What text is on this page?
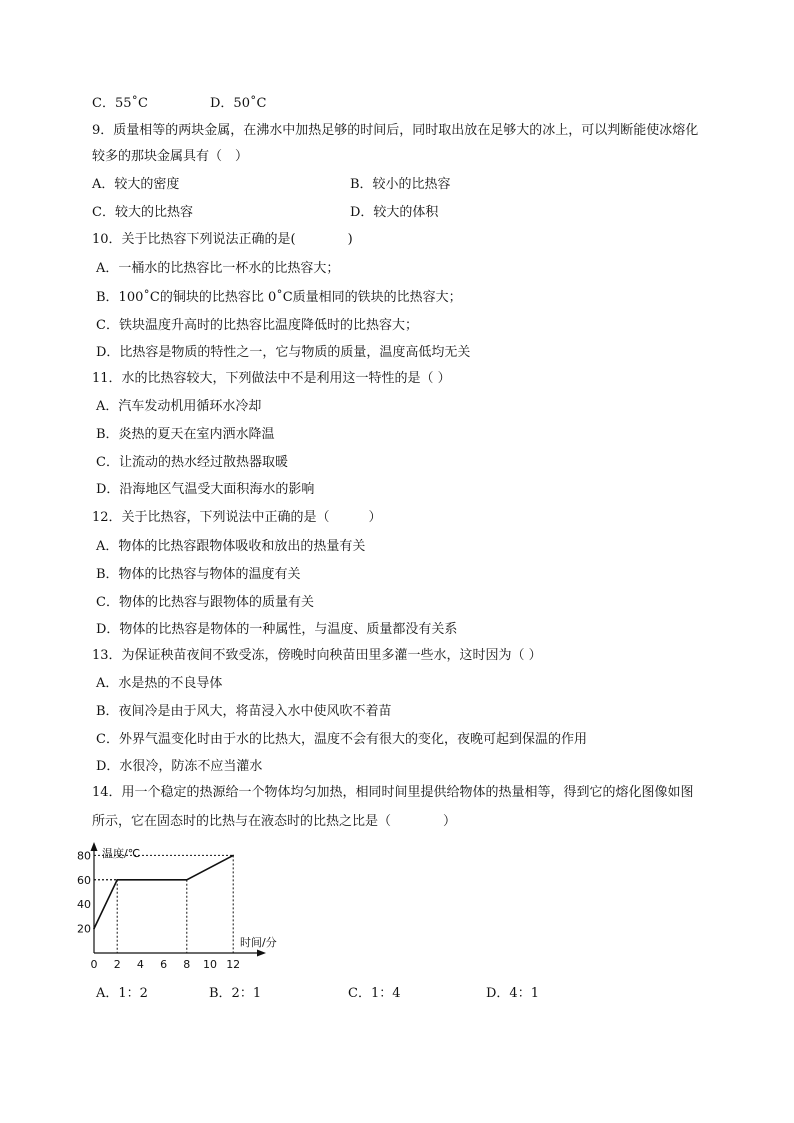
C．55˚C	D．50˚C
9．质量相等的两块金属，在沸水中加热足够的时间后，同时取出放在足够大的冰上，可以判断能使冰熔化
较多的那块金属具有（　）
A．较大的密度	B．较小的比热容
C．较大的比热容	D．较大的体积
10．关于比热容下列说法正确的是(　　　　)
A．一桶水的比热容比一杯水的比热容大；
B．100˚C的铜块的比热容比 0˚C质量相同的铁块的比热容大；
C．铁块温度升高时的比热容比温度降低时的比热容大；
D．比热容是物质的特性之一，它与物质的质量，温度高低均无关
11．水的比热容较大，下列做法中不是利用这一特性的是（ ）
A．汽车发动机用循环水冷却
B．炎热的夏天在室内洒水降温
C．让流动的热水经过散热器取暖
D．沿海地区气温受大面积海水的影响
12．关于比热容，下列说法中正确的是（　　　）
A．物体的比热容跟物体吸收和放出的热量有关
B．物体的比热容与物体的温度有关
C．物体的比热容与跟物体的质量有关
D．物体的比热容是物体的一种属性，与温度、质量都没有关系
13．为保证秧苗夜间不致受冻，傍晚时向秧苗田里多灌一些水，这时因为（ ）
A．水是热的不良导体
B．夜间冷是由于风大，将苗浸入水中使风吹不着苗
C．外界气温变化时由于水的比热大，温度不会有很大的变化，夜晚可起到保温的作用
D．水很冷，防冻不应当灌水
14．用一个稳定的热源给一个物体均匀加热，相同时间里提供给物体的热量相等，得到它的熔化图像如图
所示，它在固态时的比热与在液态时的比热之比是（　　　　）
温度/℃
时间/分
20
40
60
80
0 2 4 6 8 10 12
A．1：2	B．2：1	C．1：4	D．4：1
